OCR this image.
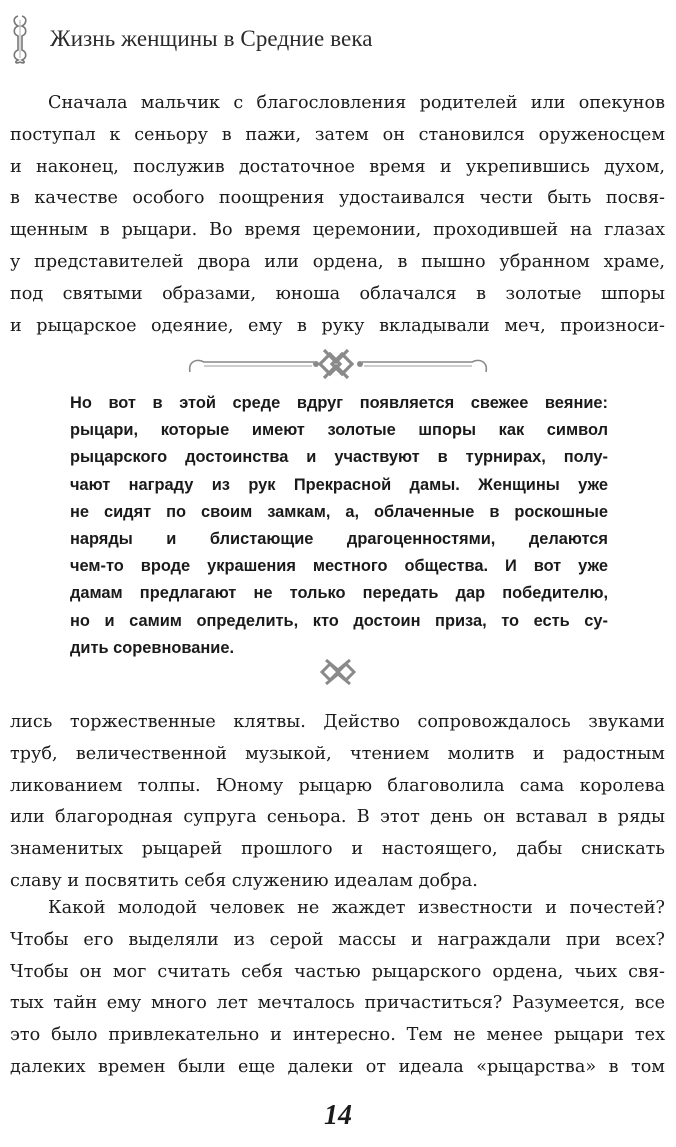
Жизнь женщины в Средние века
Сначала мальчик с благословления родителей или опекунов
поступал к сеньору в пажи, затем он становился оруженосцем
и наконец, послужив достаточное время и укрепившись духом,
в качестве особого поощрения удостаивался чести быть посвя-
щенным в рыцари. Во время церемонии, проходившей на глазах
у представителей двора или ордена, в пышно убранном храме,
под святыми образами, юноша облачался в золотые шпоры
и рыцарское одеяние, ему в руку вкладывали меч, произноси-
Но вот в этой среде вдруг появляется свежее веяние:
рыцари, которые имеют золотые шпоры как символ
рыцарского достоинства и участвуют в турнирах, полу-
чают награду из рук Прекрасной дамы. Женщины уже
не сидят по своим замкам, а, облаченные в роскошные
наряды и блистающие драгоценностями, делаются
чем-то вроде украшения местного общества. И вот уже
дамам предлагают не только передать дар победителю,
но и самим определить, кто достоин приза, то есть су-
дить соревнование.
лись торжественные клятвы. Действо сопровождалось звуками
труб, величественной музыкой, чтением молитв и радостным
ликованием толпы. Юному рыцарю благоволила сама королева
или благородная супруга сеньора. В этот день он вставал в ряды
знаменитых рыцарей прошлого и настоящего, дабы снискать
славу и посвятить себя служению идеалам добра.
Какой молодой человек не жаждет известности и почестей?
Чтобы его выделяли из серой массы и награждали при всех?
Чтобы он мог считать себя частью рыцарского ордена, чьих свя-
тых тайн ему много лет мечталось причаститься? Разумеется, все
это было привлекательно и интересно. Тем не менее рыцари тех
далеких времен были еще далеки от идеала «рыцарства» в том
14
